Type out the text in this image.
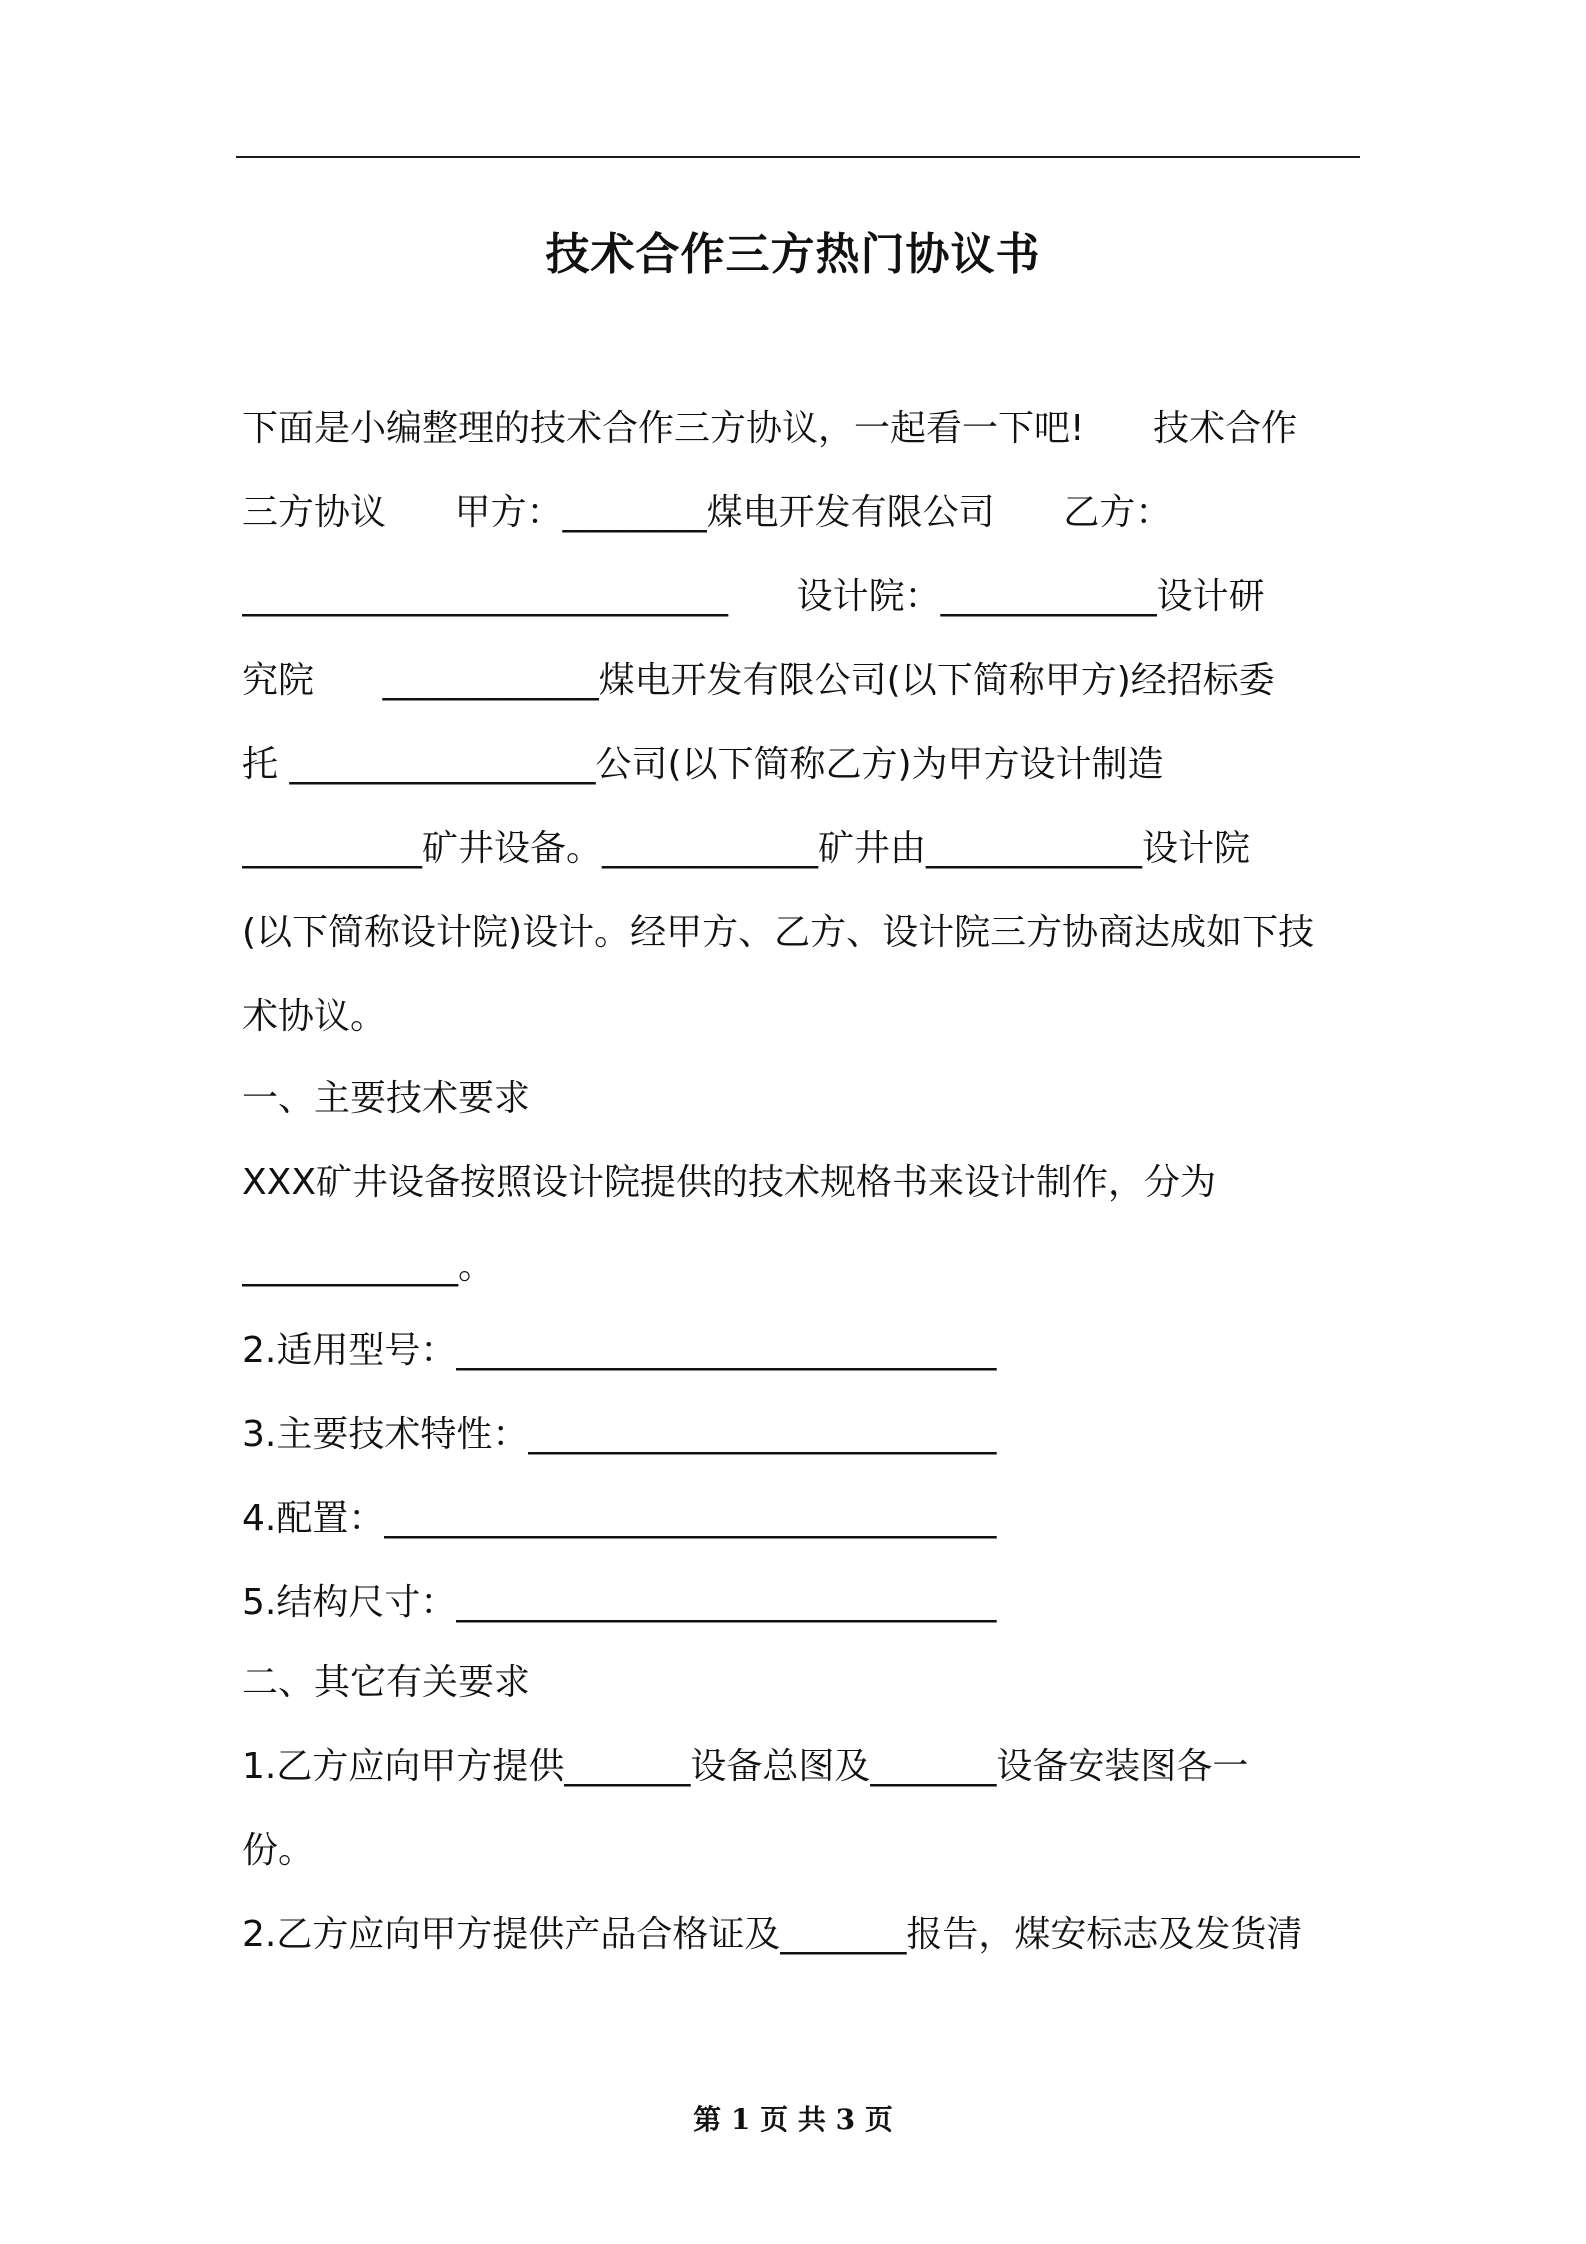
技术合作三方热门协议书
下面是小编整理的技术合作三方协议，一起看一下吧!      技术合作
三方协议      甲方：________煤电开发有限公司      乙方：
___________________________      设计院：____________设计研
究院      ____________煤电开发有限公司(以下简称甲方)经招标委
托 _________________公司(以下简称乙方)为甲方设计制造
__________矿井设备。____________矿井由____________设计院
(以下简称设计院)设计。经甲方、乙方、设计院三方协商达成如下技
术协议。
一、主要技术要求
XXX矿井设备按照设计院提供的技术规格书来设计制作，分为
____________。
2.适用型号：______________________________
3.主要技术特性：__________________________
4.配置：__________________________________
5.结构尺寸：______________________________
二、其它有关要求
1.乙方应向甲方提供_______设备总图及_______设备安装图各一
份。
2.乙方应向甲方提供产品合格证及_______报告，煤安标志及发货清
第 1 页 共 3 页
